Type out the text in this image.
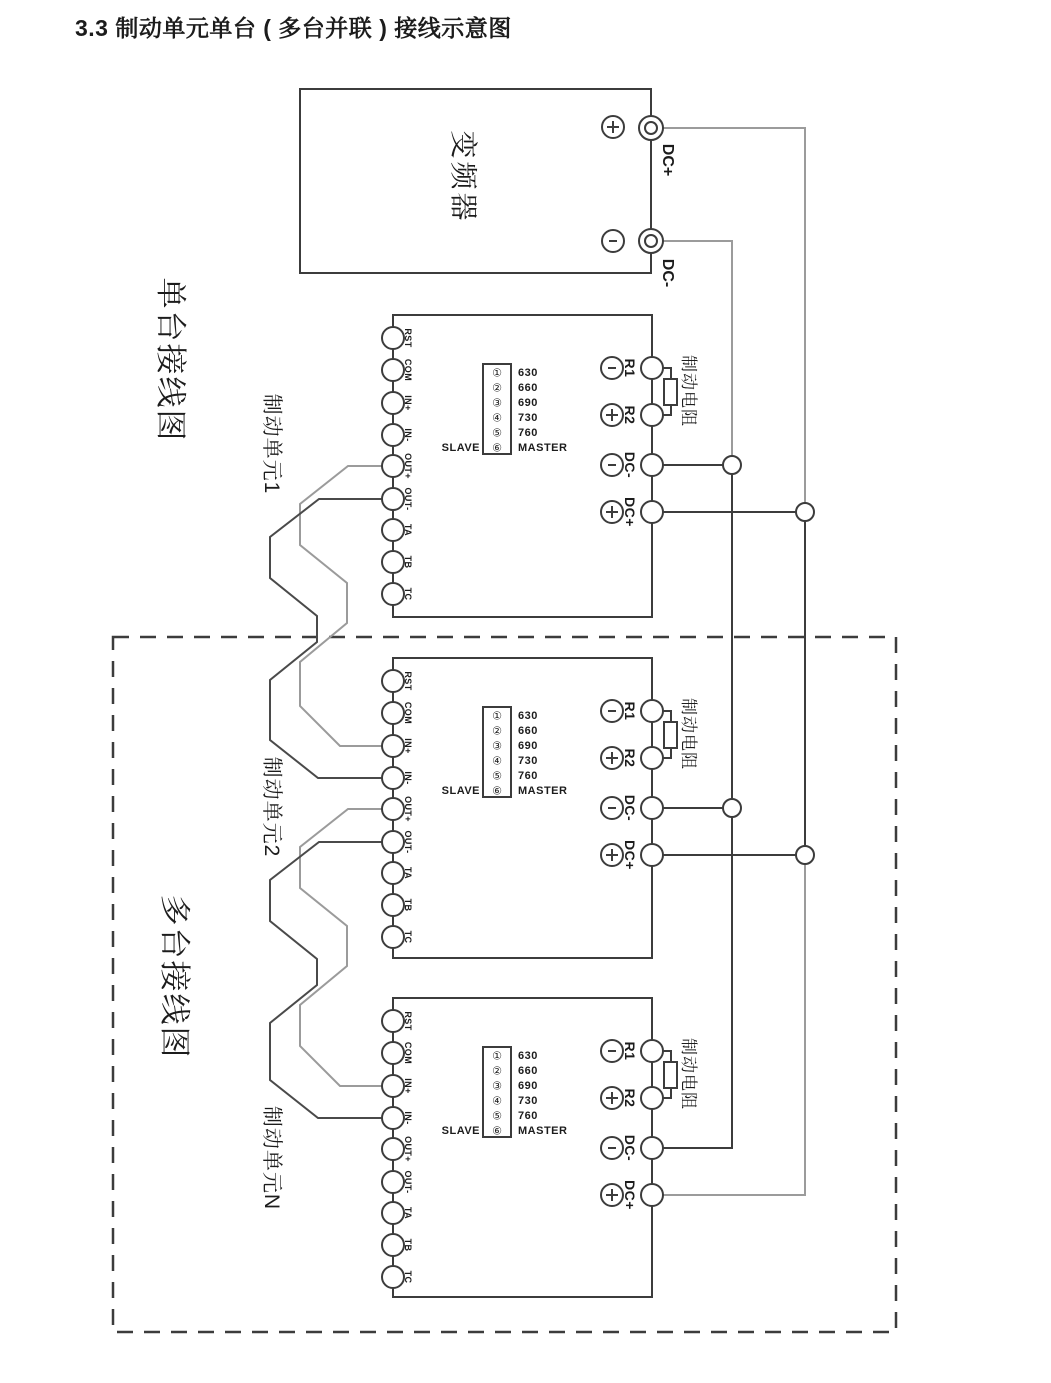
3.3 制动单元单台 ( 多台并联 ) 接线示意图
单台接线图
多台接线图
变频器	DC+
DC-
制动单元1
RST
COM
IN+
IN-
OUT+
OUT-
TA
TB
TC
R1
R2
DC-
DC+
①
②
③
④
⑤
⑥
630
660
690
730
760
MASTER
SLAVE
制动电阻
制动单元2
RST
COM
IN+
IN-
OUT+
OUT-
TA
TB
TC
R1
R2
DC-
DC+
①
②
③
④
⑤
⑥
630
660
690
730
760
MASTER
SLAVE
制动电阻
制动单元N
RST
COM
IN+
IN-
OUT+
OUT-
TA
TB
TC
R1
R2
DC-
DC+
①
②
③
④
⑤
⑥
630
660
690
730
760
MASTER
SLAVE
制动电阻
